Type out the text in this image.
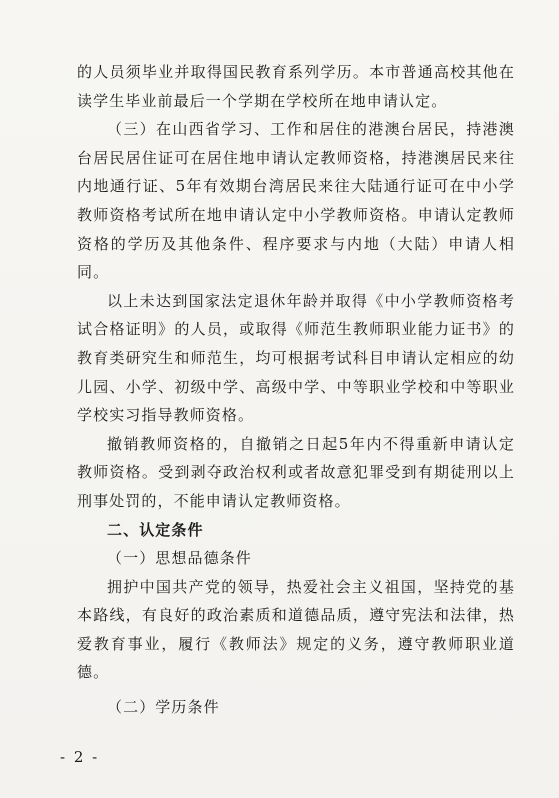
的人员须毕业并取得国民教育系列学历。本市普通高校其他在读学生毕业前最后一个学期在学校所在地申请认定。

（三）在山西省学习、工作和居住的港澳台居民，持港澳台居民居住证可在居住地申请认定教师资格，持港澳居民来往内地通行证、5年有效期台湾居民来往大陆通行证可在中小学教师资格考试所在地申请认定中小学教师资格。申请认定教师资格的学历及其他条件、程序要求与内地（大陆）申请人相同。

以上未达到国家法定退休年龄并取得《中小学教师资格考试合格证明》的人员，或取得《师范生教师职业能力证书》的教育类研究生和师范生，均可根据考试科目申请认定相应的幼儿园、小学、初级中学、高级中学、中等职业学校和中等职业学校实习指导教师资格。

撤销教师资格的，自撤销之日起5年内不得重新申请认定教师资格。受到剥夺政治权利或者故意犯罪受到有期徒刑以上刑事处罚的，不能申请认定教师资格。

二、认定条件

（一）思想品德条件

拥护中国共产党的领导，热爱社会主义祖国，坚持党的基本路线，有良好的政治素质和道德品质，遵守宪法和法律，热爱教育事业，履行《教师法》规定的义务，遵守教师职业道德。

（二）学历条件

- 2 -
